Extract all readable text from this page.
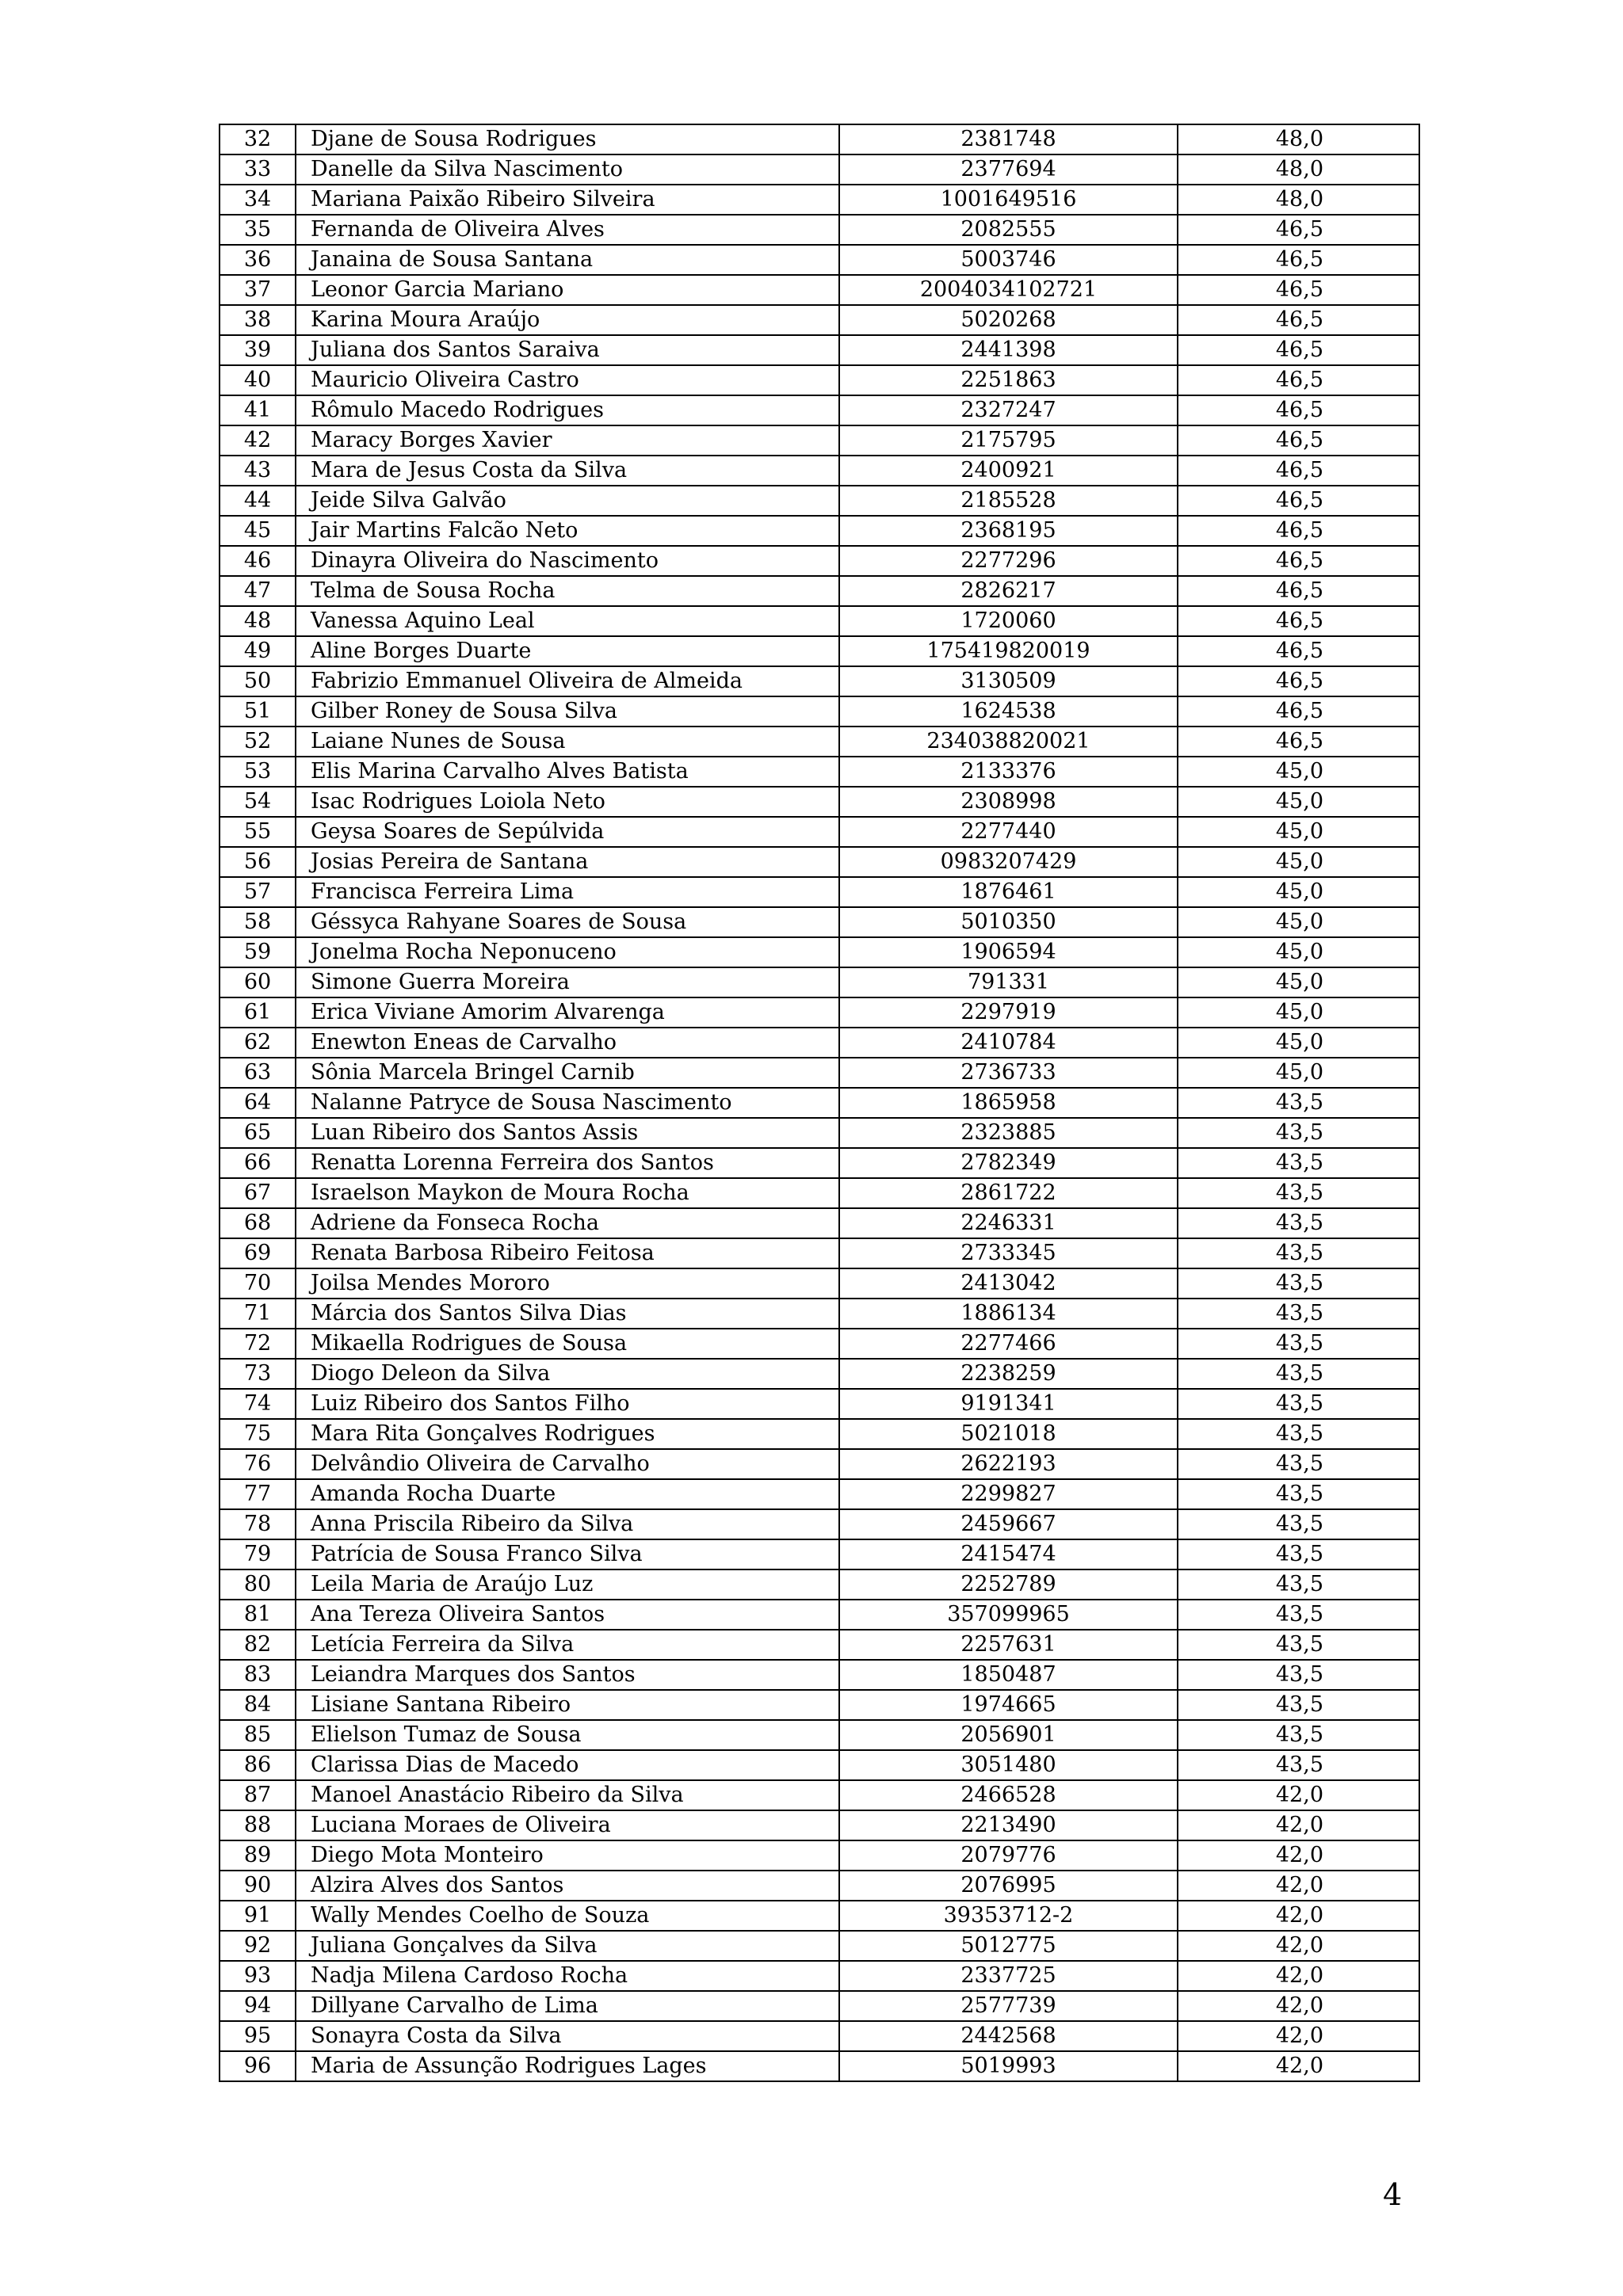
32	Djane de Sousa Rodrigues	2381748	48,0
33	Danelle da Silva Nascimento	2377694	48,0
34	Mariana Paixão Ribeiro Silveira	1001649516	48,0
35	Fernanda de Oliveira Alves	2082555	46,5
36	Janaina de Sousa Santana	5003746	46,5
37	Leonor Garcia Mariano	2004034102721	46,5
38	Karina Moura Araújo	5020268	46,5
39	Juliana dos Santos Saraiva	2441398	46,5
40	Mauricio Oliveira Castro	2251863	46,5
41	Rômulo Macedo Rodrigues	2327247	46,5
42	Maracy Borges Xavier	2175795	46,5
43	Mara de Jesus Costa da Silva	2400921	46,5
44	Jeide Silva Galvão	2185528	46,5
45	Jair Martins Falcão Neto	2368195	46,5
46	Dinayra Oliveira do Nascimento	2277296	46,5
47	Telma de Sousa Rocha	2826217	46,5
48	Vanessa Aquino Leal	1720060	46,5
49	Aline Borges Duarte	175419820019	46,5
50	Fabrizio Emmanuel Oliveira de Almeida	3130509	46,5
51	Gilber Roney de Sousa Silva	1624538	46,5
52	Laiane Nunes de Sousa	234038820021	46,5
53	Elis Marina Carvalho Alves Batista	2133376	45,0
54	Isac Rodrigues Loiola Neto	2308998	45,0
55	Geysa Soares de Sepúlvida	2277440	45,0
56	Josias Pereira de Santana	0983207429	45,0
57	Francisca Ferreira Lima	1876461	45,0
58	Géssyca Rahyane Soares de Sousa	5010350	45,0
59	Jonelma Rocha Neponuceno	1906594	45,0
60	Simone Guerra Moreira	791331	45,0
61	Erica Viviane Amorim Alvarenga	2297919	45,0
62	Enewton Eneas de Carvalho	2410784	45,0
63	Sônia Marcela Bringel Carnib	2736733	45,0
64	Nalanne Patryce de Sousa Nascimento	1865958	43,5
65	Luan Ribeiro dos Santos Assis	2323885	43,5
66	Renatta Lorenna Ferreira dos Santos	2782349	43,5
67	Israelson Maykon de Moura Rocha	2861722	43,5
68	Adriene da Fonseca Rocha	2246331	43,5
69	Renata Barbosa Ribeiro Feitosa	2733345	43,5
70	Joilsa Mendes Mororo	2413042	43,5
71	Márcia dos Santos Silva Dias	1886134	43,5
72	Mikaella Rodrigues de Sousa	2277466	43,5
73	Diogo Deleon da Silva	2238259	43,5
74	Luiz Ribeiro dos Santos Filho	9191341	43,5
75	Mara Rita Gonçalves Rodrigues	5021018	43,5
76	Delvândio Oliveira de Carvalho	2622193	43,5
77	Amanda Rocha Duarte	2299827	43,5
78	Anna Priscila Ribeiro da Silva	2459667	43,5
79	Patrícia de Sousa Franco Silva	2415474	43,5
80	Leila Maria de Araújo Luz	2252789	43,5
81	Ana Tereza Oliveira Santos	357099965	43,5
82	Letícia Ferreira da Silva	2257631	43,5
83	Leiandra Marques dos Santos	1850487	43,5
84	Lisiane Santana Ribeiro	1974665	43,5
85	Elielson Tumaz de Sousa	2056901	43,5
86	Clarissa Dias de Macedo	3051480	43,5
87	Manoel Anastácio Ribeiro da Silva	2466528	42,0
88	Luciana Moraes de Oliveira	2213490	42,0
89	Diego Mota Monteiro	2079776	42,0
90	Alzira Alves dos Santos	2076995	42,0
91	Wally Mendes Coelho de Souza	39353712-2	42,0
92	Juliana Gonçalves da Silva	5012775	42,0
93	Nadja Milena Cardoso Rocha	2337725	42,0
94	Dillyane Carvalho de Lima	2577739	42,0
95	Sonayra Costa da Silva	2442568	42,0
96	Maria de Assunção Rodrigues Lages	5019993	42,0
4
